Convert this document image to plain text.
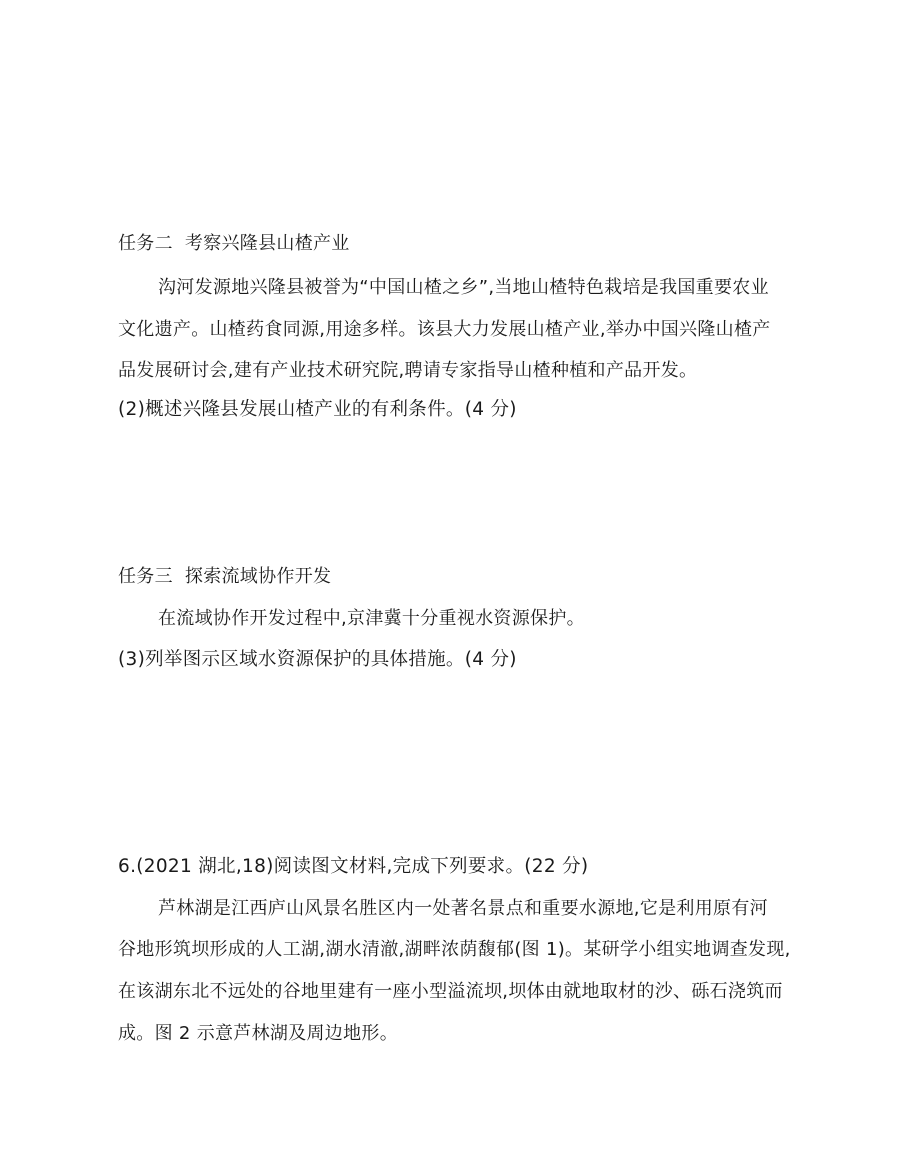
任务二 考察兴隆县山楂产业
沟河发源地兴隆县被誉为“中国山楂之乡”,当地山楂特色栽培是我国重要农业
文化遗产。山楂药食同源,用途多样。该县大力发展山楂产业,举办中国兴隆山楂产
品发展研讨会,建有产业技术研究院,聘请专家指导山楂种植和产品开发。
(2)概述兴隆县发展山楂产业的有利条件。(4 分)
任务三 探索流域协作开发
在流域协作开发过程中,京津冀十分重视水资源保护。
(3)列举图示区域水资源保护的具体措施。(4 分)
6.(2021 湖北,18)阅读图文材料,完成下列要求。(22 分)
芦林湖是江西庐山风景名胜区内一处著名景点和重要水源地,它是利用原有河
谷地形筑坝形成的人工湖,湖水清澈,湖畔浓荫馥郁(图 1)。某研学小组实地调查发现,
在该湖东北不远处的谷地里建有一座小型溢流坝,坝体由就地取材的沙、砾石浇筑而
成。图 2 示意芦林湖及周边地形。
